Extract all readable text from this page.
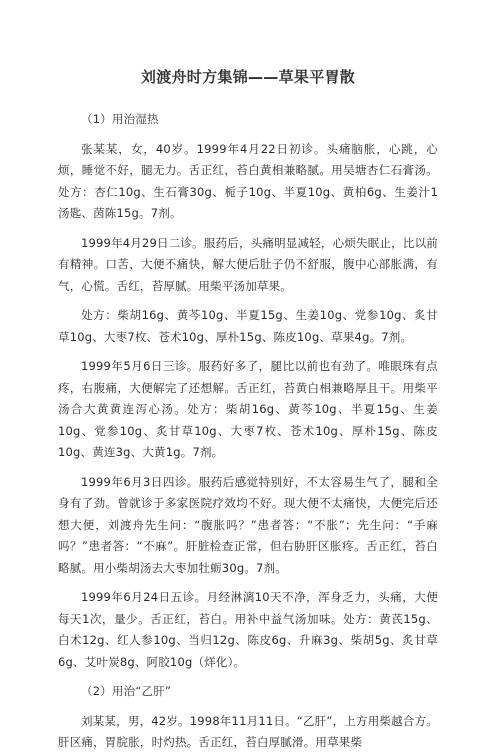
刘渡舟时方集锦——草果平胃散

（1）用治湿热

张某某，女，40岁。1999年4月22日初诊。头痛脑胀，心跳，心烦，睡觉不好，腿无力。舌正红，苔白黄相兼略腻。用吴塘杏仁石膏汤。处方：杏仁10g、生石膏30g、栀子10g、半夏10g、黄柏6g、生姜汁1汤匙、茵陈15g。7剂。

1999年4月29日二诊。服药后，头痛明显减轻，心烦失眠止，比以前有精神。口苦，大便不痛快，解大便后肚子仍不舒服，腹中心部胀满，有气，心慌。舌红，苔厚腻。用柴平汤加草果。

处方：柴胡16g、黄芩10g、半夏15g、生姜10g、党参10g、炙甘草10g、大枣7枚、苍术10g、厚朴15g、陈皮10g、草果4g。7剂。

1999年5月6日三诊。服药好多了，腿比以前也有劲了。唯眼珠有点疼，右腹痛，大便解完了还想解。舌正红，苔黄白相兼略厚且干。用柴平汤合大黄黄连泻心汤。处方：柴胡16g、黄芩10g、半夏15g、生姜10g、党参10g、炙甘草10g、大枣7枚、苍术10g、厚朴15g、陈皮10g、黄连3g、大黄1g。7剂。

1999年6月3日四诊。服药后感觉特别好，不太容易生气了，腿和全身有了劲。曾就诊于多家医院疗效均不好。现大便不太痛快，大便完后还想大便，刘渡舟先生问：“腹胀吗？”患者答：“不胀”；先生问：“手麻吗？”患者答：“不麻”。肝脏检查正常，但右胁肝区胀疼。舌正红，苔白略腻。用小柴胡汤去大枣加牡蛎30g。7剂。

1999年6月24日五诊。月经淋漓10天不净，浑身乏力，头痛，大便每天1次，量少。舌正红，苔白。用补中益气汤加味。处方：黄芪15g、白术12g、红人参10g、当归12g、陈皮6g、升麻3g、柴胡5g、炙甘草6g、艾叶炭8g、阿胶10g（烊化）。

（2）用治“乙肝”

刘某某，男，42岁。1998年11月11日。“乙肝”，上方用柴越合方。肝区痛，胃脘胀，时灼热。舌正红，苔白厚腻滑。用草果柴
